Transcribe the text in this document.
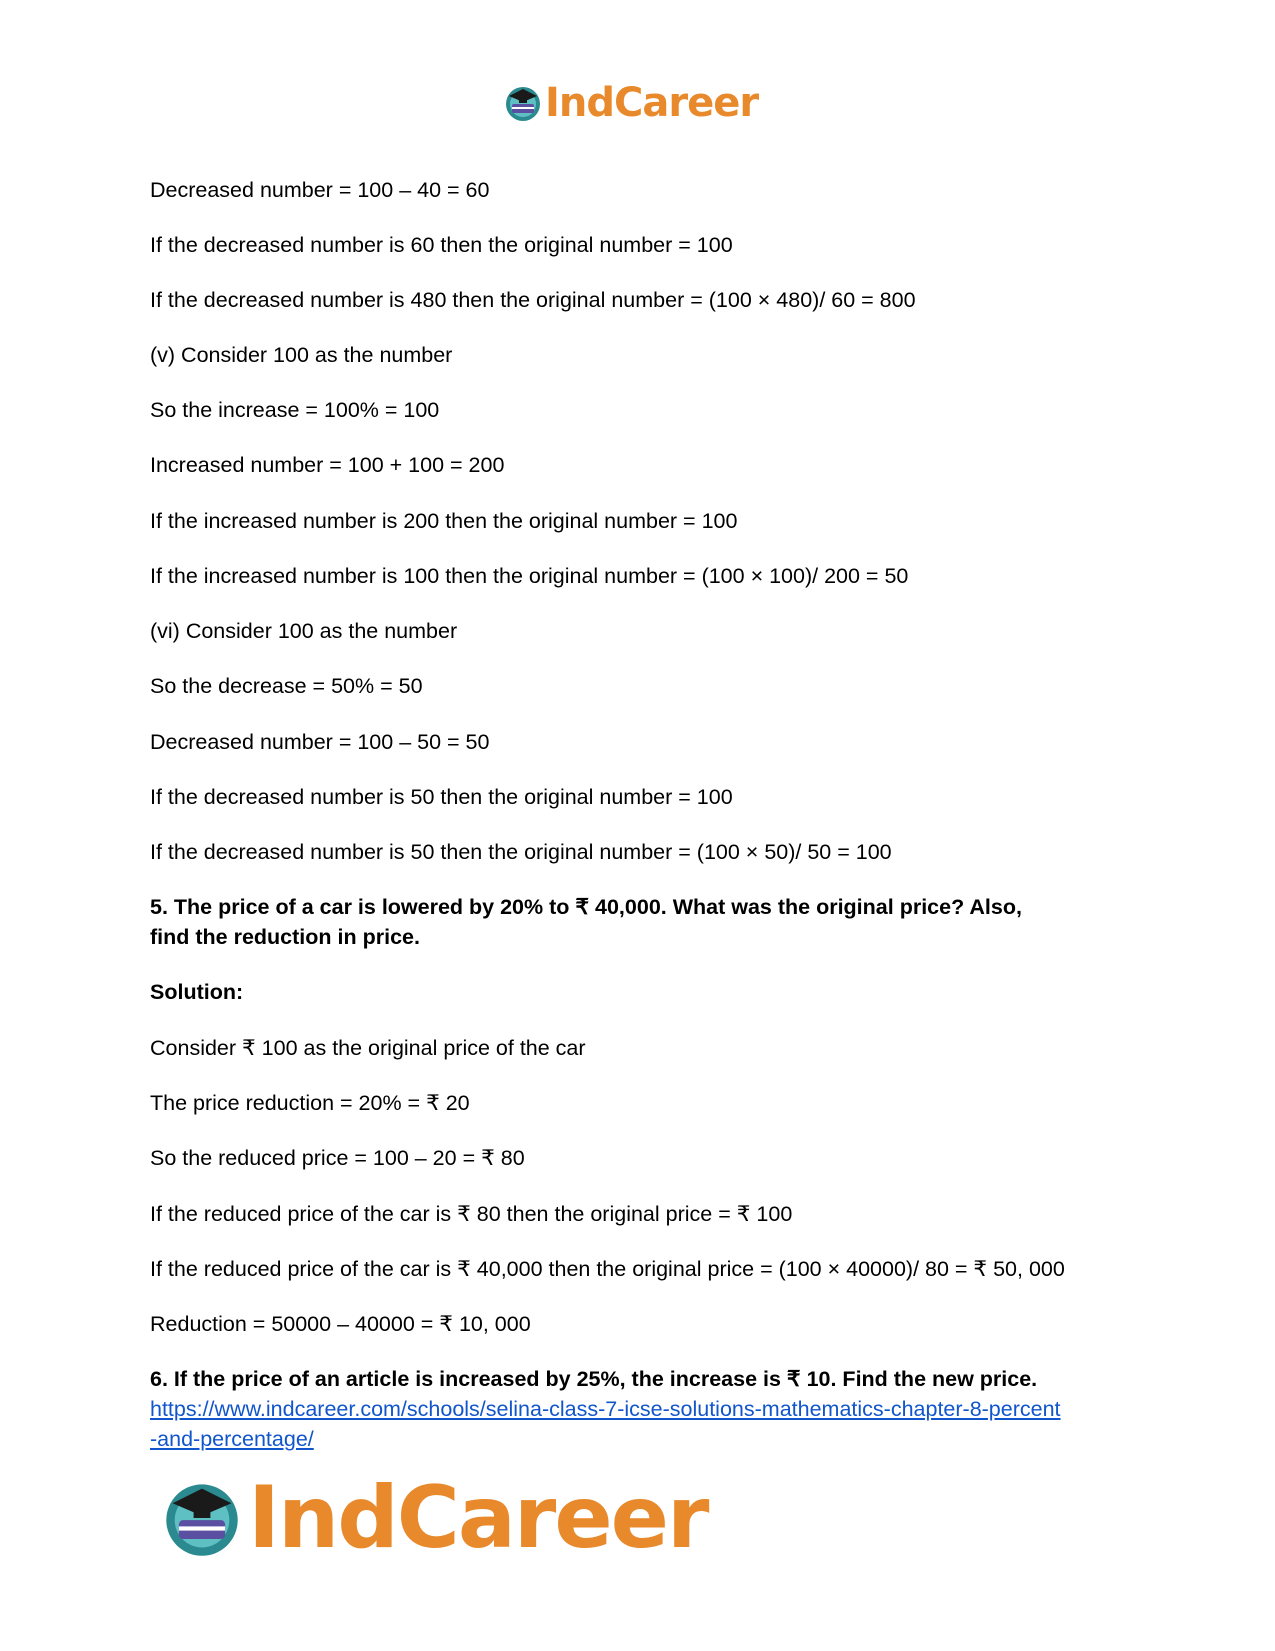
IndCareer
Decreased number = 100 – 40 = 60
If the decreased number is 60 then the original number = 100
If the decreased number is 480 then the original number = (100 × 480)/ 60 = 800
(v) Consider 100 as the number
So the increase = 100% = 100
Increased number = 100 + 100 = 200
If the increased number is 200 then the original number = 100
If the increased number is 100 then the original number = (100 × 100)/ 200 = 50
(vi) Consider 100 as the number
So the decrease = 50% = 50
Decreased number = 100 – 50 = 50
If the decreased number is 50 then the original number = 100
If the decreased number is 50 then the original number = (100 × 50)/ 50 = 100
5. The price of a car is lowered by 20% to ₹ 40,000. What was the original price? Also,
find the reduction in price.
Solution:
Consider ₹ 100 as the original price of the car
The price reduction = 20% = ₹ 20
So the reduced price = 100 – 20 = ₹ 80
If the reduced price of the car is ₹ 80 then the original price = ₹ 100
If the reduced price of the car is ₹ 40,000 then the original price = (100 × 40000)/ 80 = ₹ 50, 000
Reduction = 50000 – 40000 = ₹ 10, 000
6. If the price of an article is increased by 25%, the increase is ₹ 10. Find the new price.
https://www.indcareer.com/schools/selina-class-7-icse-solutions-mathematics-chapter-8-percent
-and-percentage/
IndCareer
